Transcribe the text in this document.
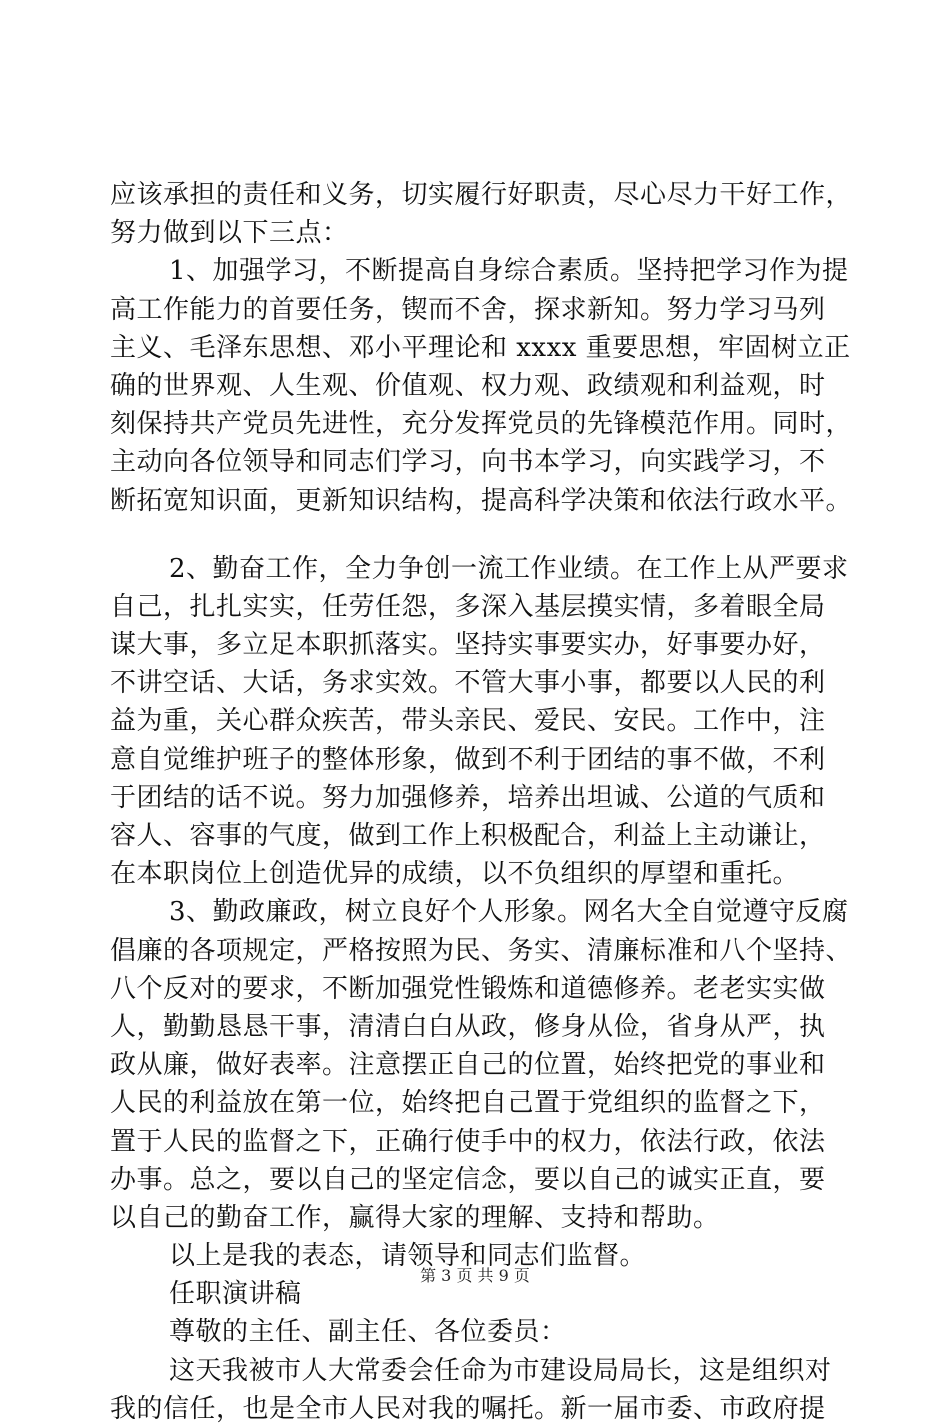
应该承担的责任和义务，切实履行好职责，尽心尽力干好工作，
努力做到以下三点：
1、加强学习，不断提高自身综合素质。坚持把学习作为提
高工作能力的首要任务，锲而不舍，探求新知。努力学习马列
主义、毛泽东思想、邓小平理论和 xxxx 重要思想，牢固树立正
确的世界观、人生观、价值观、权力观、政绩观和利益观，时
刻保持共产党员先进性，充分发挥党员的先锋模范作用。同时，
主动向各位领导和同志们学习，向书本学习，向实践学习，不
断拓宽知识面，更新知识结构，提高科学决策和依法行政水平。
2、勤奋工作，全力争创一流工作业绩。在工作上从严要求
自己，扎扎实实，任劳任怨，多深入基层摸实情，多着眼全局
谋大事，多立足本职抓落实。坚持实事要实办，好事要办好，
不讲空话、大话，务求实效。不管大事小事，都要以人民的利
益为重，关心群众疾苦，带头亲民、爱民、安民。工作中，注
意自觉维护班子的整体形象，做到不利于团结的事不做，不利
于团结的话不说。努力加强修养，培养出坦诚、公道的气质和
容人、容事的气度，做到工作上积极配合，利益上主动谦让，
在本职岗位上创造优异的成绩，以不负组织的厚望和重托。
3、勤政廉政，树立良好个人形象。网名大全自觉遵守反腐
倡廉的各项规定，严格按照为民、务实、清廉标准和八个坚持、
八个反对的要求，不断加强党性锻炼和道德修养。老老实实做
人，勤勤恳恳干事，清清白白从政，修身从俭，省身从严，执
政从廉，做好表率。注意摆正自己的位置，始终把党的事业和
人民的利益放在第一位，始终把自己置于党组织的监督之下，
置于人民的监督之下，正确行使手中的权力，依法行政，依法
办事。总之，要以自己的坚定信念，要以自己的诚实正直，要
以自己的勤奋工作，赢得大家的理解、支持和帮助。
以上是我的表态，请领导和同志们监督。
任职演讲稿
尊敬的主任、副主任、各位委员：
这天我被市人大常委会任命为市建设局局长，这是组织对
我的信任，也是全市人民对我的嘱托。新一届市委、市政府提
第 3 页 共 9 页
